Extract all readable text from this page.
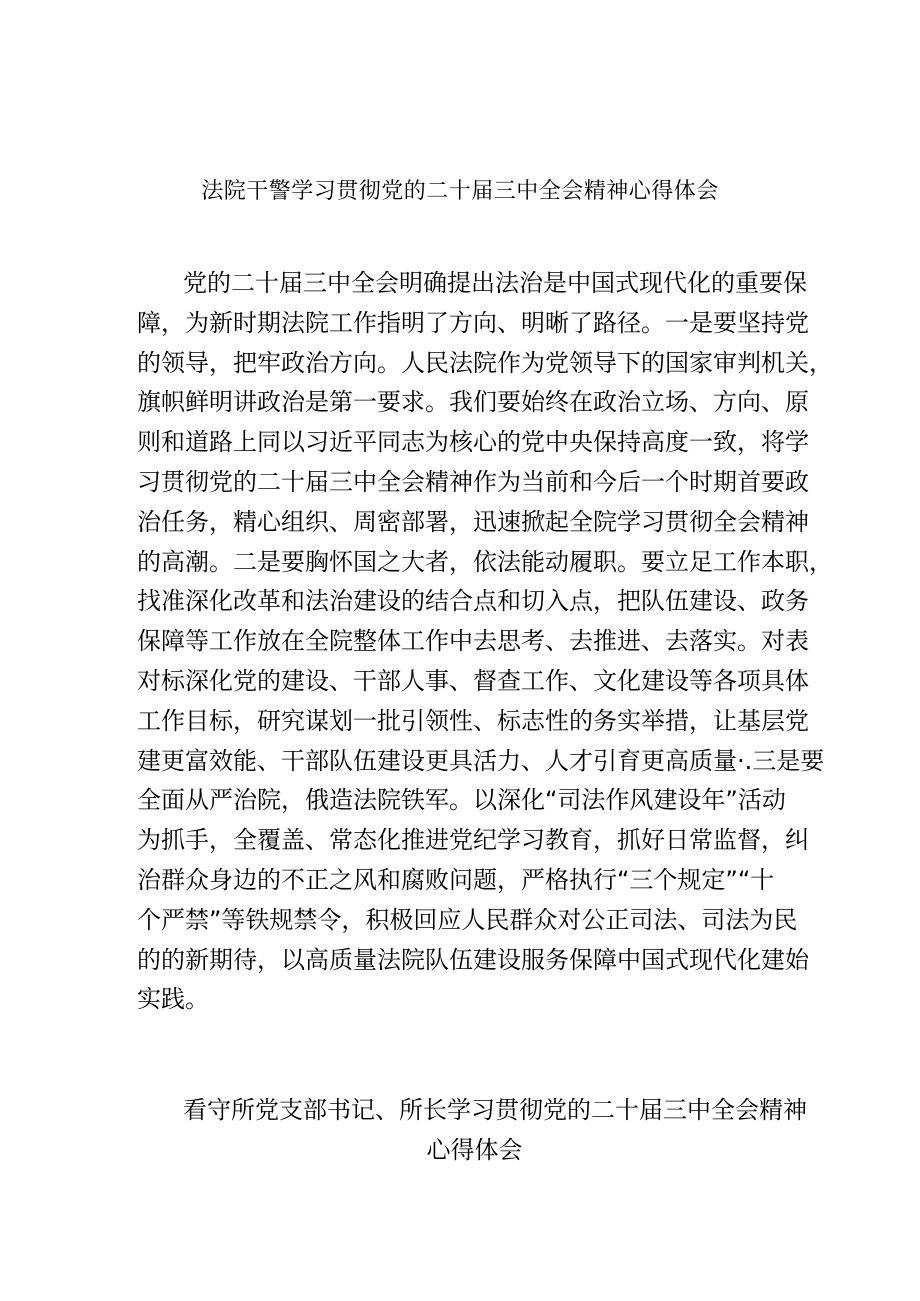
法院干警学习贯彻党的二十届三中全会精神心得体会
党的二十届三中全会明确提出法治是中国式现代化的重要保
障，为新时期法院工作指明了方向、明晰了路径。一是要坚持党
的领导，把牢政治方向。人民法院作为党领导下的国家审判机关，
旗帜鲜明讲政治是第一要求。我们要始终在政治立场、方向、原
则和道路上同以习近平同志为核心的党中央保持高度一致，将学
习贯彻党的二十届三中全会精神作为当前和今后一个时期首要政
治任务，精心组织、周密部署，迅速掀起全院学习贯彻全会精神
的高潮。二是要胸怀国之大者，依法能动履职。要立足工作本职，
找准深化改革和法治建设的结合点和切入点，把队伍建设、政务
保障等工作放在全院整体工作中去思考、去推进、去落实。对表
对标深化党的建设、干部人事、督查工作、文化建设等各项具体
工作目标，研究谋划一批引领性、标志性的务实举措，让基层党
建更富效能、干部队伍建设更具活力、人才引育更高质量·.三是要
全面从严治院，俄造法院铁军。以深化“司法作风建设年”活动
为抓手，全覆盖、常态化推进党纪学习教育，抓好日常监督，纠
治群众身边的不正之风和腐败问题，严格执行“三个规定”“十
个严禁”等铁规禁令，积极回应人民群众对公正司法、司法为民
的的新期待，以高质量法院队伍建设服务保障中国式现代化建始
实践。
看守所党支部书记、所长学习贯彻党的二十届三中全会精神
心得体会
